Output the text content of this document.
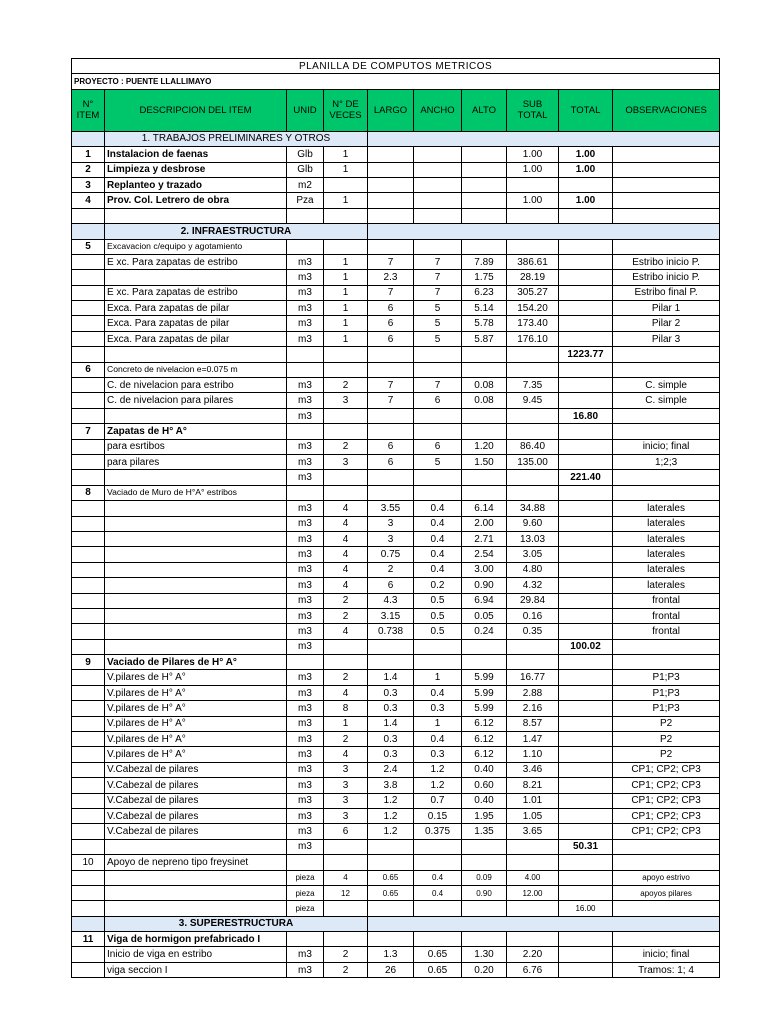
PLANILLA DE COMPUTOS METRICOS									
PROYECTO : PUENTE LLALLIMAYO									
N° ITEM	DESCRIPCION DEL ITEM	UNID	N° DE VECES	LARGO	ANCHO	ALTO	SUB TOTAL	TOTAL	OBSERVACIONES
	1. TRABAJOS PRELIMINARES Y OTROS								
1	Instalacion de faenas	Glb	1				1.00	1.00	
2	Limpieza y desbrose	Glb	1				1.00	1.00	
3	Replanteo y trazado	m2							
4	Prov. Col. Letrero de obra	Pza	1				1.00	1.00	

	2. INFRAESTRUCTURA								
5	Excavacion c/equipo y agotamiento								
	E xc. Para zapatas de estribo	m3	1	7	7	7.89	386.61		Estribo inicio P.
		m3	1	2.3	7	1.75	28.19		Estribo inicio P.
	E xc. Para zapatas de estribo	m3	1	7	7	6.23	305.27		Estribo final P.
	Exca. Para zapatas de pilar	m3	1	6	5	5.14	154.20		Pilar 1
	Exca. Para zapatas de pilar	m3	1	6	5	5.78	173.40		Pilar 2
	Exca. Para zapatas de pilar	m3	1	6	5	5.87	176.10		Pilar 3
								1223.77	
6	Concreto de nivelacion e=0.075 m								
	C. de nivelacion para estribo	m3	2	7	7	0.08	7.35		C. simple
	C. de nivelacion para pilares	m3	3	7	6	0.08	9.45		C. simple
		m3						16.80	
7	Zapatas de H° A°								
	para esrtibos	m3	2	6	6	1.20	86.40		inicio; final
	para pilares	m3	3	6	5	1.50	135.00		1;2;3
		m3						221.40	
8	Vaciado de Muro de H°A° estribos								
		m3	4	3.55	0.4	6.14	34.88		laterales
		m3	4	3	0.4	2.00	9.60		laterales
		m3	4	3	0.4	2.71	13.03		laterales
		m3	4	0.75	0.4	2.54	3.05		laterales
		m3	4	2	0.4	3.00	4.80		laterales
		m3	4	6	0.2	0.90	4.32		laterales
		m3	2	4.3	0.5	6.94	29.84		frontal
		m3	2	3.15	0.5	0.05	0.16		frontal
		m3	4	0.738	0.5	0.24	0.35		frontal
		m3						100.02	
9	Vaciado de Pilares de H° A°								
	V.pilares de H° A°	m3	2	1.4	1	5.99	16.77		P1;P3
	V.pilares de H° A°	m3	4	0.3	0.4	5.99	2.88		P1;P3
	V.pilares de H° A°	m3	8	0.3	0.3	5.99	2.16		P1;P3
	V.pilares de H° A°	m3	1	1.4	1	6.12	8.57		P2
	V.pilares de H° A°	m3	2	0.3	0.4	6.12	1.47		P2
	V.pilares de H° A°	m3	4	0.3	0.3	6.12	1.10		P2
	V.Cabezal de pilares	m3	3	2.4	1.2	0.40	3.46		CP1; CP2; CP3
	V.Cabezal de pilares	m3	3	3.8	1.2	0.60	8.21		CP1; CP2; CP3
	V.Cabezal de pilares	m3	3	1.2	0.7	0.40	1.01		CP1; CP2; CP3
	V.Cabezal de pilares	m3	3	1.2	0.15	1.95	1.05		CP1; CP2; CP3
	V.Cabezal de pilares	m3	6	1.2	0.375	1.35	3.65		CP1; CP2; CP3
		m3						50.31	
10	Apoyo de nepreno tipo freysinet								
		pieza	4	0.65	0.4	0.09	4.00		apoyo estrivo
		pieza	12	0.65	0.4	0.90	12.00		apoyos pilares
		pieza						16.00	
	3. SUPERESTRUCTURA								
11	Viga de hormigon prefabricado I								
	Inicio de viga en estribo	m3	2	1.3	0.65	1.30	2.20		inicio; final
	viga seccion I	m3	2	26	0.65	0.20	6.76		Tramos: 1; 4
